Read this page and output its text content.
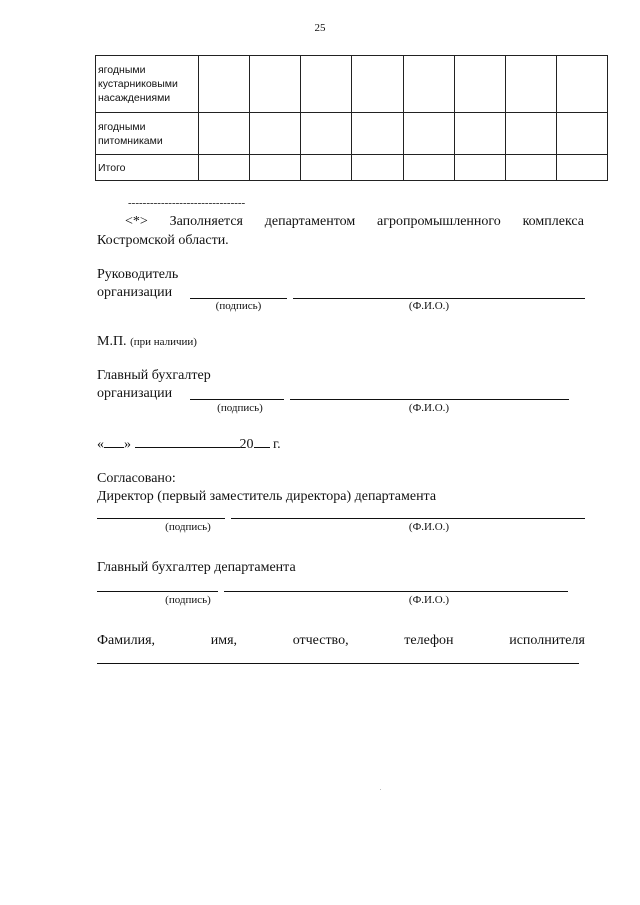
25
ягодными кустарниковыми насаждениями								
ягодными питомниками								
Итого								
--------------------------------
<*> Заполняется департаментом агропромышленного комплекса
Костромской области.
Руководитель
организации
(подпись)	(Ф.И.О.)
М.П. (при наличии)
Главный бухгалтер
организации
(подпись)	(Ф.И.О.)
« »	20 г.
Согласовано:
Директор (первый заместитель директора) департамента
(подпись)	(Ф.И.О.)
Главный бухгалтер департамента
(подпись)	(Ф.И.О.)
Фамилия,	имя,	отчество,	телефон	исполнителя
